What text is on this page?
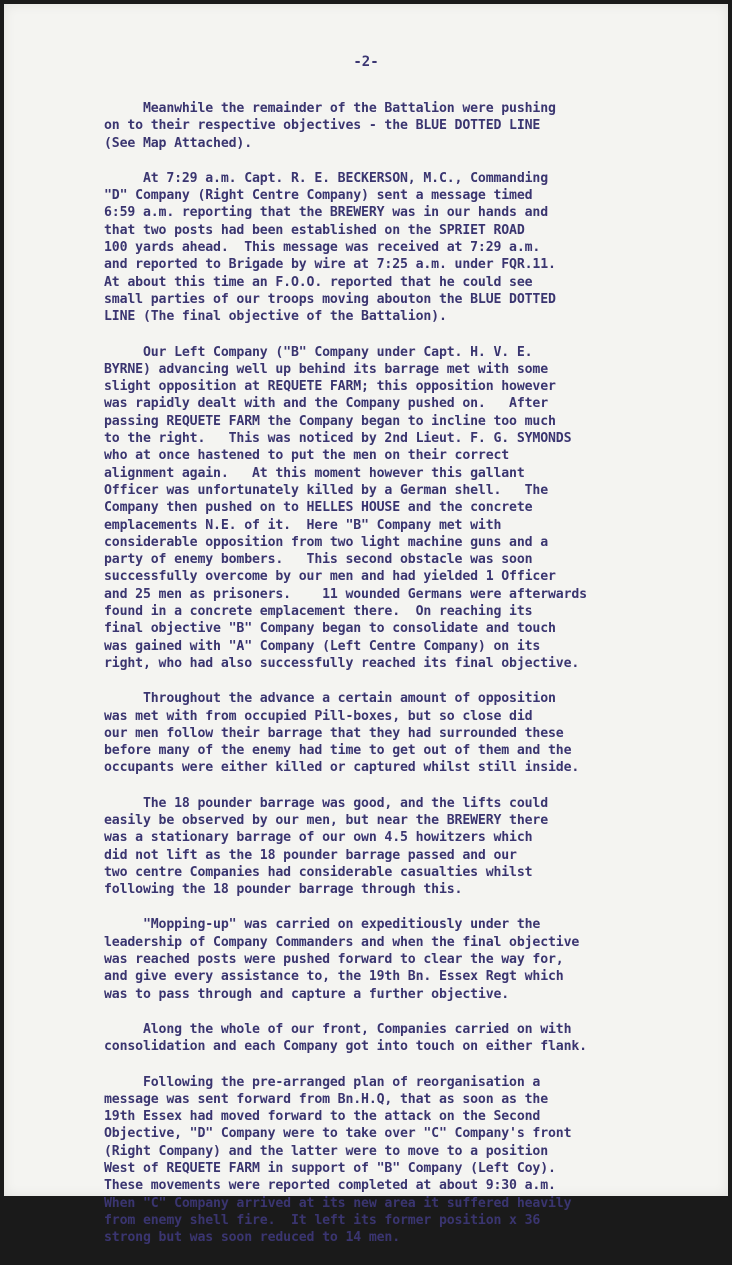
-2-
Meanwhile the remainder of the Battalion were pushing
on to their respective objectives - the BLUE DOTTED LINE
(See Map Attached).
At 7:29 a.m. Capt. R. E. BECKERSON, M.C., Commanding
"D" Company (Right Centre Company) sent a message timed
6:59 a.m. reporting that the BREWERY was in our hands and
that two posts had been established on the SPRIET ROAD
100 yards ahead.  This message was received at 7:29 a.m.
and reported to Brigade by wire at 7:25 a.m. under FQR.11.
At about this time an F.O.O. reported that he could see
small parties of our troops moving abouton the BLUE DOTTED
LINE (The final objective of the Battalion).
Our Left Company ("B" Company under Capt. H. V. E.
BYRNE) advancing well up behind its barrage met with some
slight opposition at REQUETE FARM; this opposition however
was rapidly dealt with and the Company pushed on.   After
passing REQUETE FARM the Company began to incline too much
to the right.   This was noticed by 2nd Lieut. F. G. SYMONDS
who at once hastened to put the men on their correct
alignment again.   At this moment however this gallant
Officer was unfortunately killed by a German shell.   The
Company then pushed on to HELLES HOUSE and the concrete
emplacements N.E. of it.  Here "B" Company met with
considerable opposition from two light machine guns and a
party of enemy bombers.   This second obstacle was soon
successfully overcome by our men and had yielded 1 Officer
and 25 men as prisoners.    11 wounded Germans were afterwards
found in a concrete emplacement there.  On reaching its
final objective "B" Company began to consolidate and touch
was gained with "A" Company (Left Centre Company) on its
right, who had also successfully reached its final objective.
Throughout the advance a certain amount of opposition
was met with from occupied Pill-boxes, but so close did
our men follow their barrage that they had surrounded these
before many of the enemy had time to get out of them and the
occupants were either killed or captured whilst still inside.
The 18 pounder barrage was good, and the lifts could
easily be observed by our men, but near the BREWERY there
was a stationary barrage of our own 4.5 howitzers which
did not lift as the 18 pounder barrage passed and our
two centre Companies had considerable casualties whilst
following the 18 pounder barrage through this.
"Mopping-up" was carried on expeditiously under the
leadership of Company Commanders and when the final objective
was reached posts were pushed forward to clear the way for,
and give every assistance to, the 19th Bn. Essex Regt which
was to pass through and capture a further objective.
Along the whole of our front, Companies carried on with
consolidation and each Company got into touch on either flank.
Following the pre-arranged plan of reorganisation a
message was sent forward from Bn.H.Q, that as soon as the
19th Essex had moved forward to the attack on the Second
Objective, "D" Company were to take over "C" Company's front
(Right Company) and the latter were to move to a position
West of REQUETE FARM in support of "B" Company (Left Coy).
These movements were reported completed at about 9:30 a.m.
When "C" Company arrived at its new area it suffered heavily
from enemy shell fire.  It left its former position x 36
strong but was soon reduced to 14 men.
